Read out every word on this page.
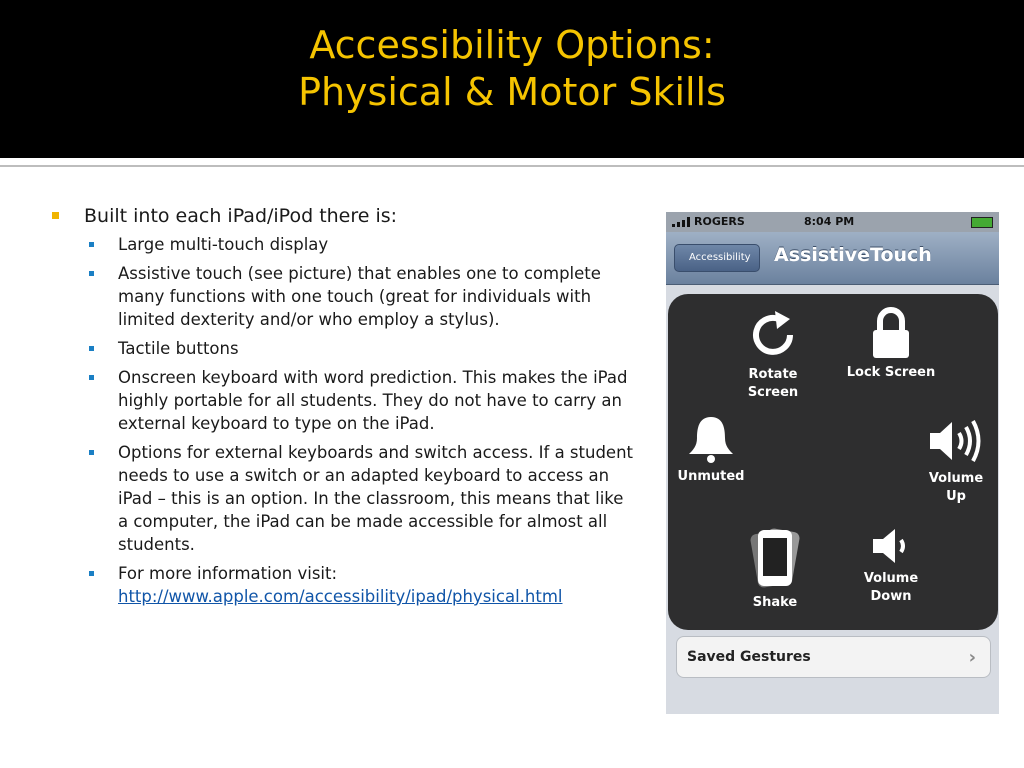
Accessibility Options:
Physical & Motor Skills
Built into each iPad/iPod there is:
Large multi-touch display
Assistive touch (see picture) that enables one to complete many functions with one touch (great for individuals with limited dexterity and/or who employ a stylus).
Tactile buttons
Onscreen keyboard with word prediction. This makes the iPad highly portable for all students. They do not have to carry an external keyboard to type on the iPad.
Options for external keyboards and switch access. If a student needs to use a switch or an adapted keyboard to access an iPad – this is an option. In the classroom, this means that like a computer, the iPad can be made accessible for almost all students.
For more information visit:
http://www.apple.com/accessibility/ipad/physical.html
ROGERS	8:04 PM
Accessibility	AssistiveTouch
Saved Gestures	›
Rotate Screen
Lock Screen
Unmuted	Volume Up
Shake
Volume Down
